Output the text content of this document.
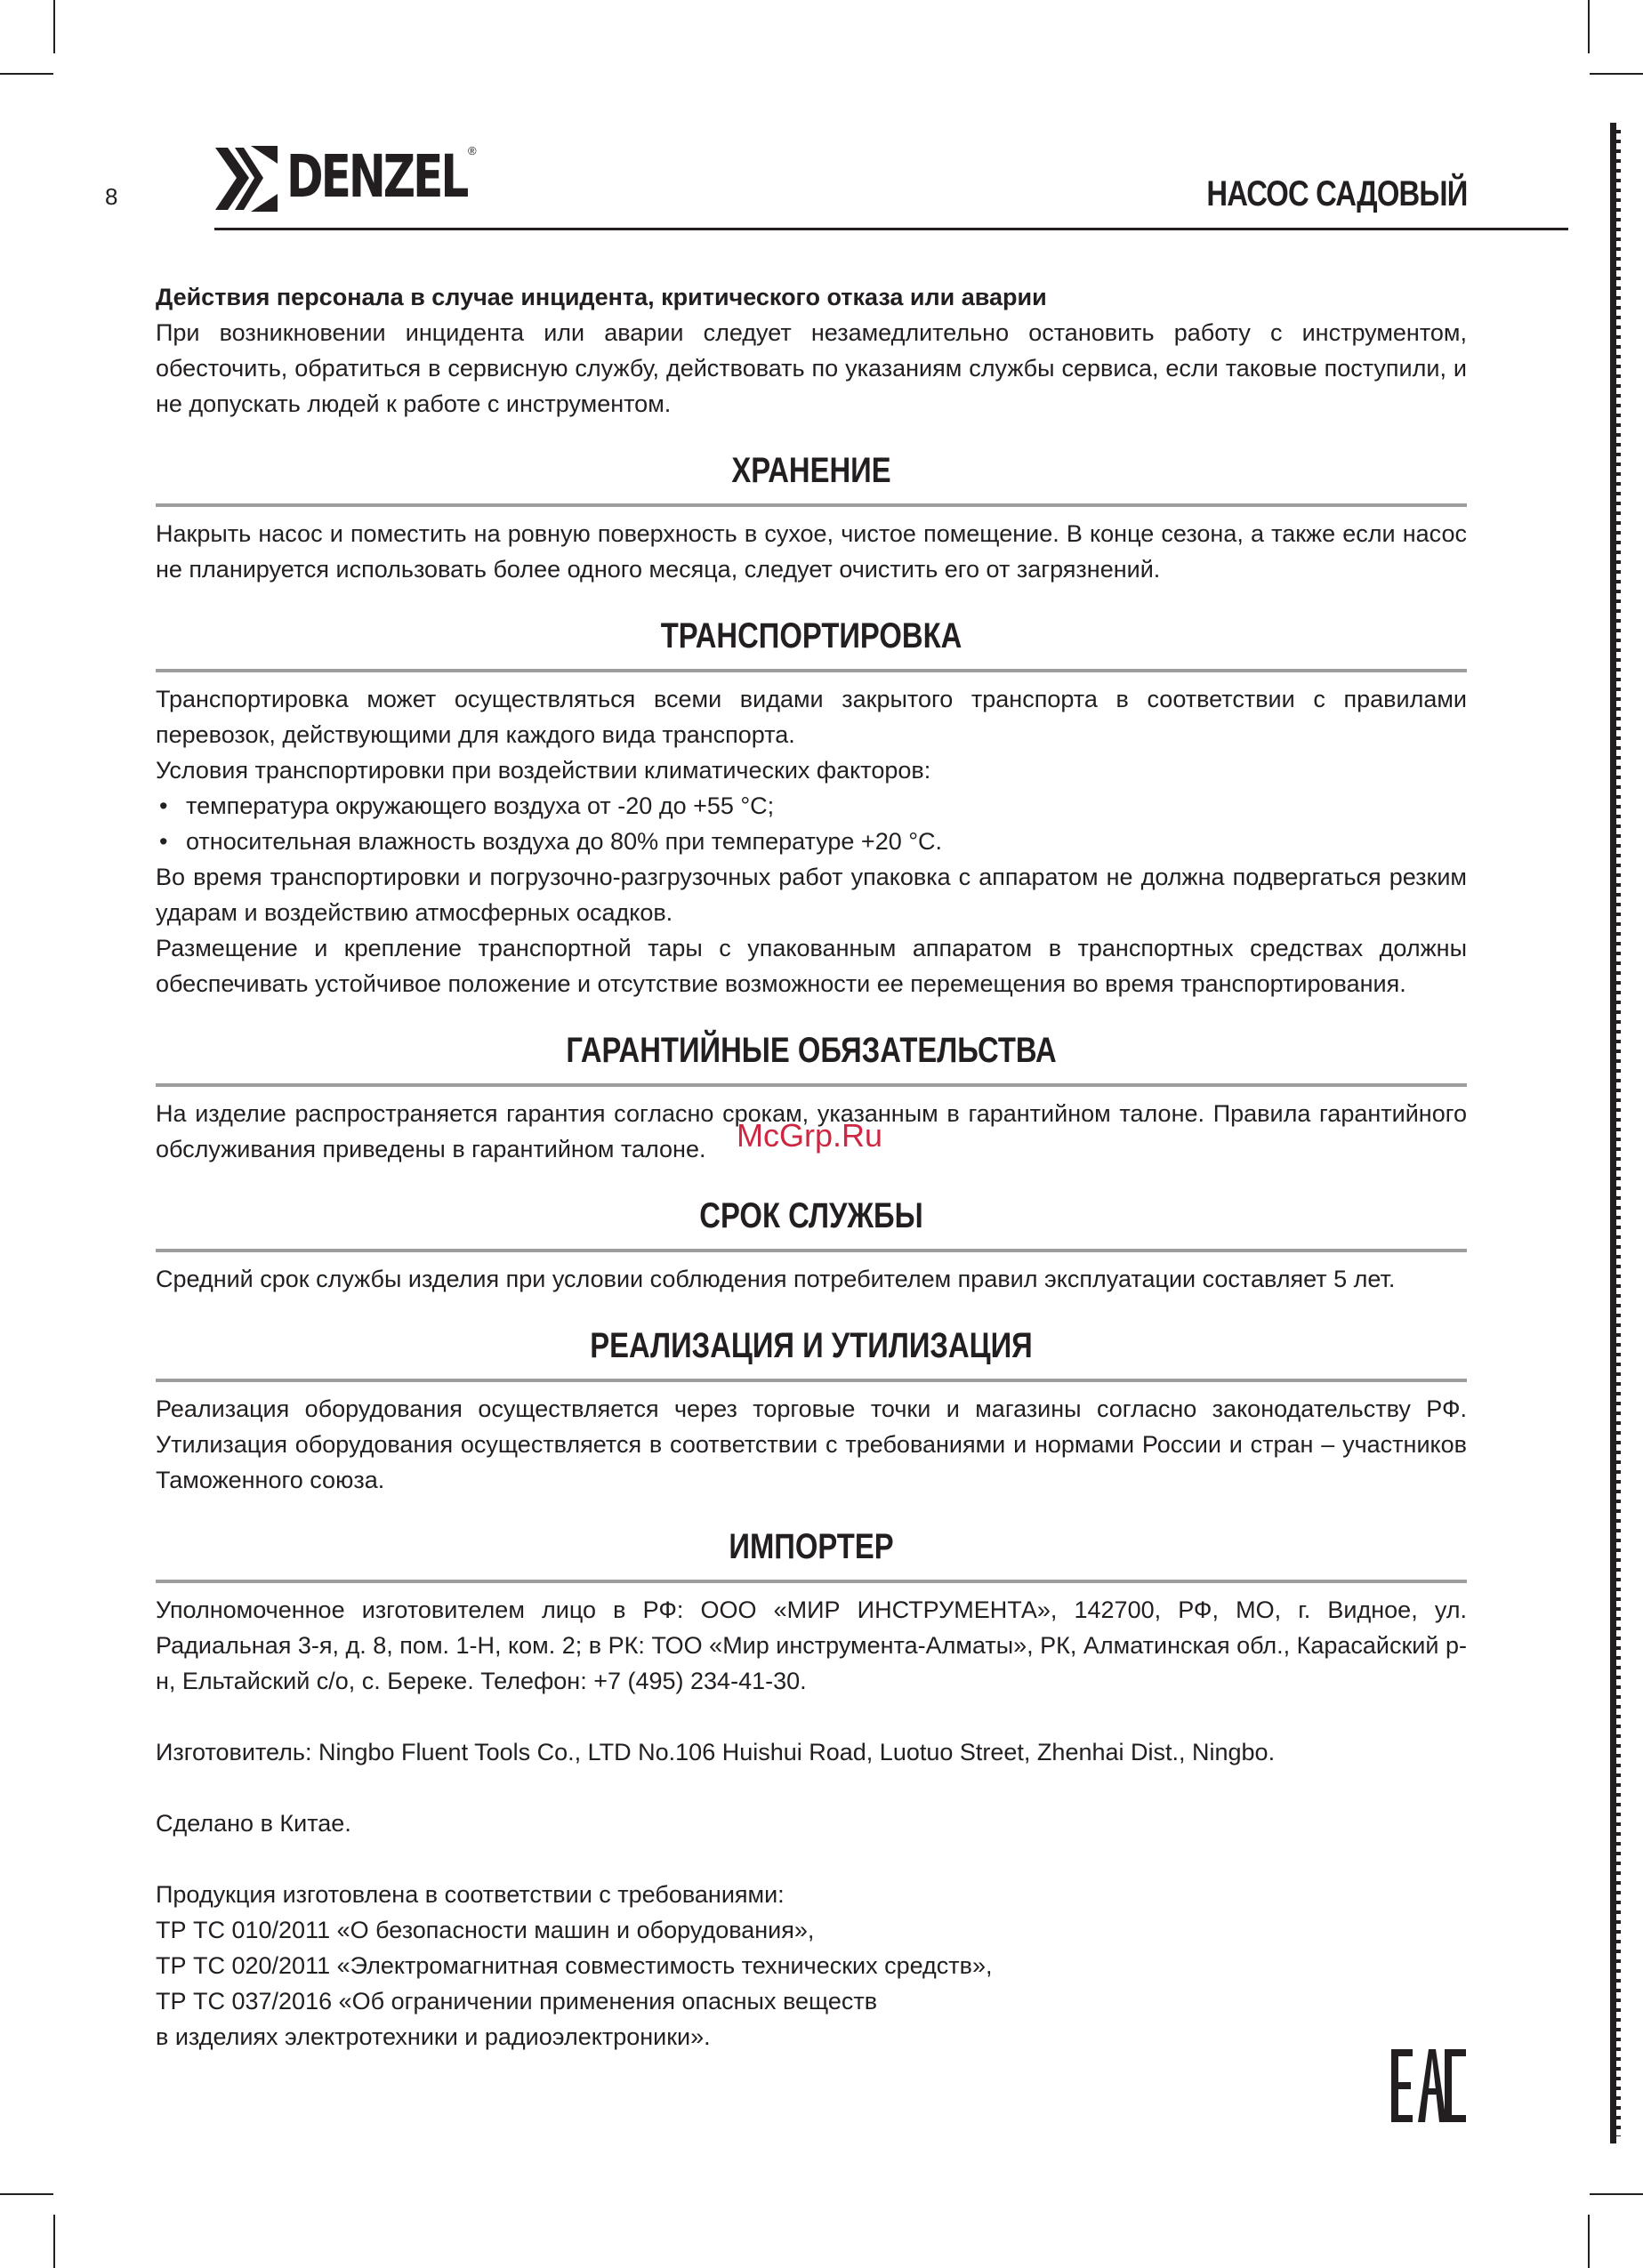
8	DENZEL ®
НАСОС САДОВЫЙ

Действия персонала в случае инцидента, критического отказа или аварии

При возникновении инцидента или аварии следует незамедлительно остановить работу с инструментом, обесточить, обратиться в сервисную службу, действовать по указаниям службы сервиса, если таковые поступили, и не допускать людей к работе с инструментом.

ХРАНЕНИЕ

Накрыть насос и поместить на ровную поверхность в сухое, чистое помещение. В конце сезона, а также если насос не планируется использовать более одного месяца, следует очистить его от загрязнений.

ТРАНСПОРТИРОВКА

Транспортировка может осуществляться всеми видами закрытого транспорта в соответствии с правилами перевозок, действующими для каждого вида транспорта.

Условия транспортировки при воздействии климатических факторов:

• температура окружающего воздуха от -20 до +55 °C;
• относительная влажность воздуха до 80% при температуре +20 °C.

Во время транспортировки и погрузочно-разгрузочных работ упаковка с аппаратом не должна подвергаться резким ударам и воздействию атмосферных осадков.

Размещение и крепление транспортной тары с упакованным аппаратом в транспортных средствах должны обеспечивать устойчивое положение и отсутствие возможности ее перемещения во время транспортирования.

ГАРАНТИЙНЫЕ ОБЯЗАТЕЛЬСТВА

На изделие распространяется гарантия согласно срокам, указанным в гарантийном талоне. Правила гарантийного обслуживания приведены в гарантийном талоне.

СРОК СЛУЖБЫ

Средний срок службы изделия при условии соблюдения потребителем правил эксплуатации составляет 5 лет.

РЕАЛИЗАЦИЯ И УТИЛИЗАЦИЯ

Реализация оборудования осуществляется через торговые точки и магазины согласно законодательству РФ. Утилизация оборудования осуществляется в соответствии с требованиями и нормами России и стран – участников Таможенного союза.

ИМПОРТЕР

Уполномоченное изготовителем лицо в РФ: ООО «МИР ИНСТРУМЕНТА», 142700, РФ, МО, г. Видное, ул. Радиальная 3-я, д. 8, пом. 1-Н, ком. 2; в РК: ТОО «Мир инструмента-Алматы», РК, Алматинская обл., Карасайский р-н, Ельтайский с/о, с. Береке. Телефон: +7 (495) 234-41-30.

Изготовитель: Ningbo Fluent Tools Co., LTD No.106 Huishui Road, Luotuo Street, Zhenhai Dist., Ningbo.

Сделано в Китае.

Продукция изготовлена в соответствии с требованиями:

ТР ТС 010/2011 «О безопасности машин и оборудования»,

ТР ТС 020/2011 «Электромагнитная совместимость технических средств»,

ТР ТС 037/2016 «Об ограничении применения опасных веществ

в изделиях электротехники и радиоэлектроники».

McGrp.Ru
